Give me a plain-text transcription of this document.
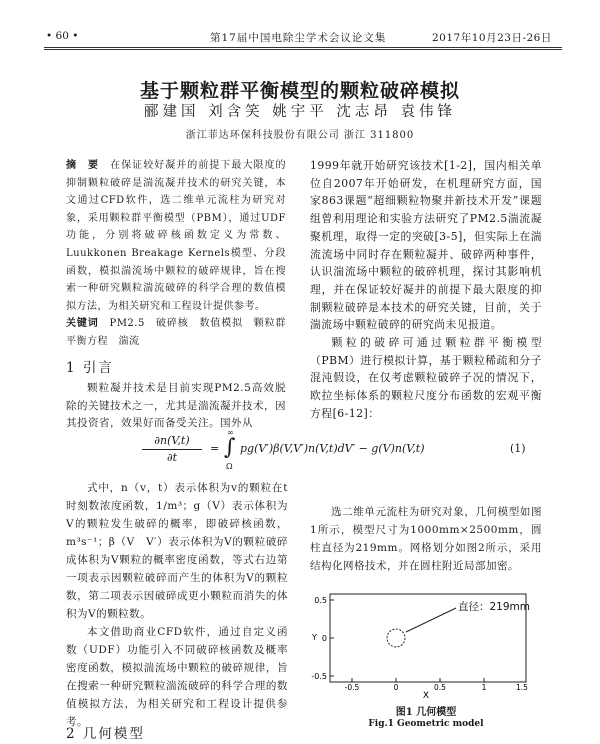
• 60 •	第17届中国电除尘学术会议论文集	2017年10月23日-26日
基于颗粒群平衡模型的颗粒破碎模拟
郦建国 刘含笑 姚宇平 沈志昂 袁伟锋
浙江菲达环保科技股份有限公司 浙江 311800

摘　要　 在保证较好凝并的前提下最大限度的抑制颗粒破碎是湍流凝并技术的研究关键，本文通过CFD软件，选二维单元流柱为研究对象，采用颗粒群平衡模型（PBM），通过UDF功能，分别将破碎核函数定义为常数、Luukkonen Breakage Kernels模型、分段函数，模拟湍流场中颗粒的破碎规律，旨在搜索一种研究颗粒湍流破碎的科学合理的数值模拟方法，为相关研究和工程设计提供参考。

关键词　 PM2.5　破碎核　数值模拟　颗粒群平衡方程　湍流

1 引言

颗粒凝并技术是目前实现PM2.5高效脱除的关键技术之一，尤其是湍流凝并技术，因其投资省，效果好而备受关注。国外从

1999年就开始研究该技术[1-2]，国内相关单位自2007年开始研发，在机理研究方面，国家863课题“超细颗粒物聚并新技术开发”课题组曾利用理论和实验方法研究了PM2.5湍流凝聚机理，取得一定的突破[3-5]，但实际上在湍流流场中同时存在颗粒凝并、破碎两种事件，认识湍流场中颗粒的破碎机理，探讨其影响机理，并在保证较好凝并的前提下最大限度的抑制颗粒破碎是本技术的研究关键，目前，关于湍流场中颗粒破碎的研究尚未见报道。

颗粒的破碎可通过颗粒群平衡模型（PBM）进行模拟计算，基于颗粒稀疏和分子混沌假设，在仅考虑颗粒破碎子况的情况下，欧拉坐标体系的颗粒尺度分布函数的宏观平衡方程[6-12]：

∂n(V,t)
∂t
=
∞
∫
Ω
pg(V′)β(V,V′)n(V,t)dV′ − g(V)n(V,t)	(1)

式中，n（v，t）表示体积为v的颗粒在t时刻数浓度函数，1/m³；g（V）表示体积为V的颗粒发生破碎的概率，即破碎核函数，m³s⁻¹；β（V　V′）表示体积为V的颗粒破碎成体积为V颗粒的概率密度函数，等式右边第一项表示因颗粒破碎而产生的体积为V的颗粒数，第二项表示因破碎成更小颗粒而消失的体积为V的颗粒数。

本文借助商业CFD软件，通过自定义函数（UDF）功能引入不同破碎核函数及概率密度函数，模拟湍流场中颗粒的破碎规律，旨在搜索一种研究颗粒湍流破碎的科学合理的数值模拟方法，为相关研究和工程设计提供参考。

2 几何模型

选二维单元流柱为研究对象，几何模型如图1所示，模型尺寸为1000mm×2500mm，圆柱直径为219mm。网格划分如图2所示，采用结构化网格技术，并在圆柱附近局部加密。

直径：219mm
0.5
0
-0.5
Y
-0.5	0	0.5	1	1.5
X
图1 几何模型
Fig.1 Geometric model
